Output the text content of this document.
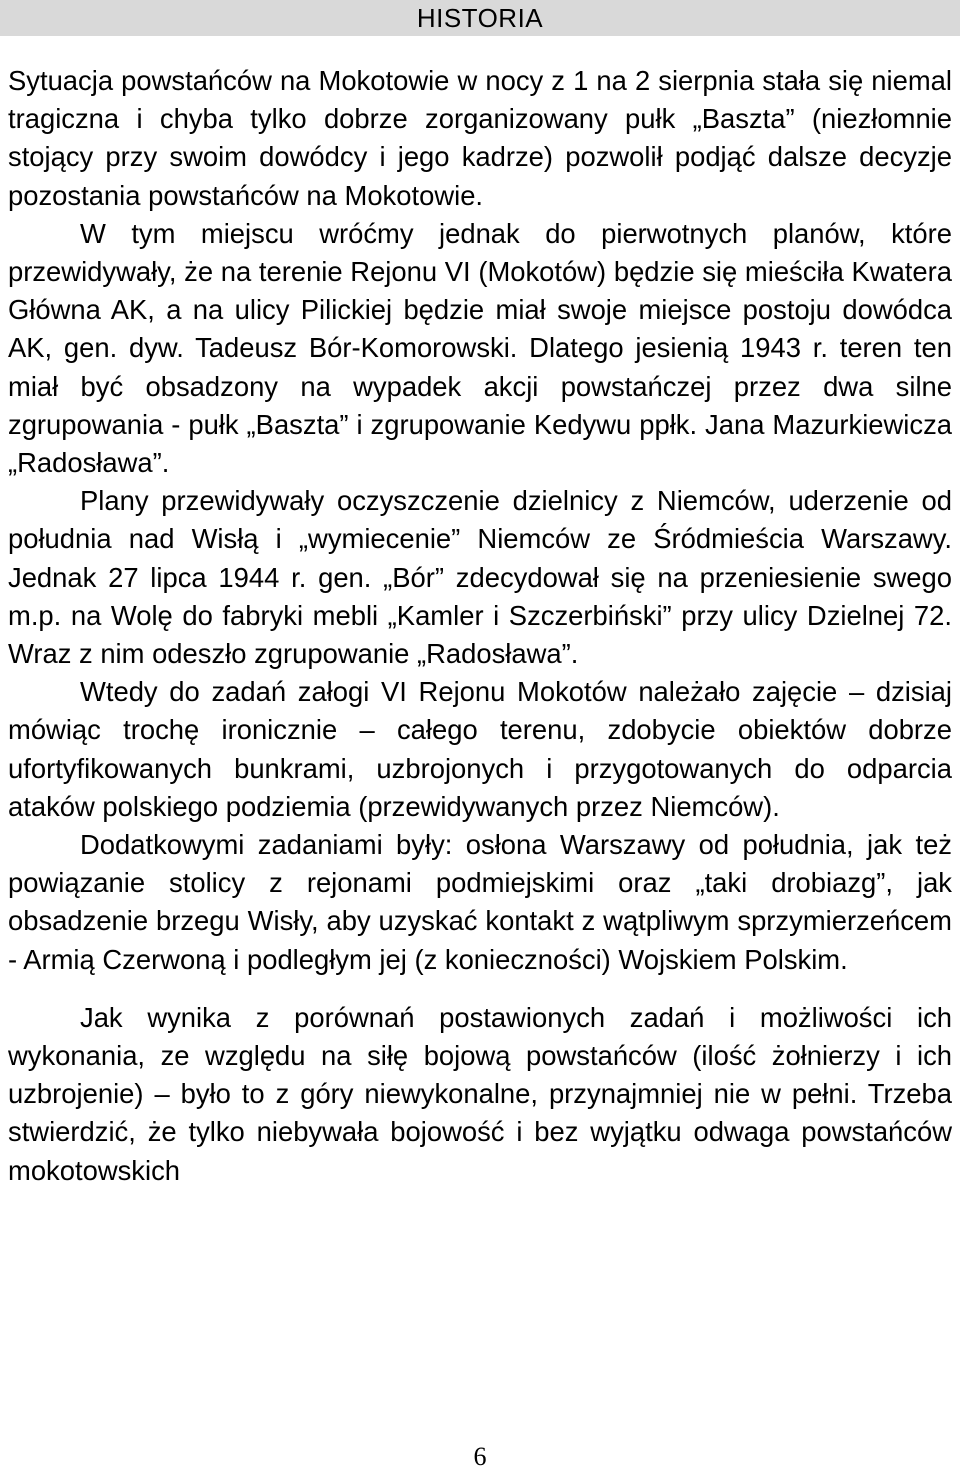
HISTORIA

Sytuacja powstańców na Mokotowie w nocy z 1 na 2 sierpnia stała się niemal tragiczna i chyba tylko dobrze zorganizowany pułk „Baszta” (niezłomnie stojący przy swoim dowódcy i jego kadrze) pozwolił podjąć dalsze decyzje pozostania powstańców na Mokotowie.

W tym miejscu wróćmy jednak do pierwotnych planów, które przewidywały, że na terenie Rejonu VI (Mokotów) będzie się mieściła Kwatera Główna AK, a na ulicy Pilickiej będzie miał swoje miejsce postoju dowódca AK, gen. dyw. Tadeusz Bór-Komorowski. Dlatego jesienią 1943 r. teren ten miał być obsadzony na wypadek akcji powstańczej przez dwa silne zgrupowania - pułk „Baszta” i zgrupowanie Kedywu ppłk. Jana Mazurkiewicza „Radosława”.

Plany przewidywały oczyszczenie dzielnicy z Niemców, uderzenie od południa nad Wisłą i „wymiecenie” Niemców ze Śródmieścia Warszawy. Jednak 27 lipca 1944 r. gen. „Bór” zdecydował się na przeniesienie swego m.p. na Wolę do fabryki mebli „Kamler i Szczerbiński” przy ulicy Dzielnej 72. Wraz z nim odeszło zgrupowanie „Radosława”.

Wtedy do zadań załogi VI Rejonu Mokotów należało zajęcie – dzisiaj mówiąc trochę ironicznie – całego terenu, zdobycie obiektów dobrze ufortyfikowanych bunkrami, uzbrojonych i przygotowanych do odparcia ataków polskiego podziemia (przewidywanych przez Niemców).

Dodatkowymi zadaniami były: osłona Warszawy od południa, jak też powiązanie stolicy z rejonami podmiejskimi oraz „taki drobiazg”, jak obsadzenie brzegu Wisły, aby uzyskać kontakt z wątpliwym sprzymierzeńcem - Armią Czerwoną i podległym jej (z konieczności) Wojskiem Polskim.

Jak wynika z porównań postawionych zadań i możliwości ich wykonania, ze względu na siłę bojową powstańców (ilość żołnierzy i ich uzbrojenie) – było to z góry niewykonalne, przynajmniej nie w pełni. Trzeba stwierdzić, że tylko niebywała bojowość i bez wyjątku odwaga powstańców mokotowskich

6
